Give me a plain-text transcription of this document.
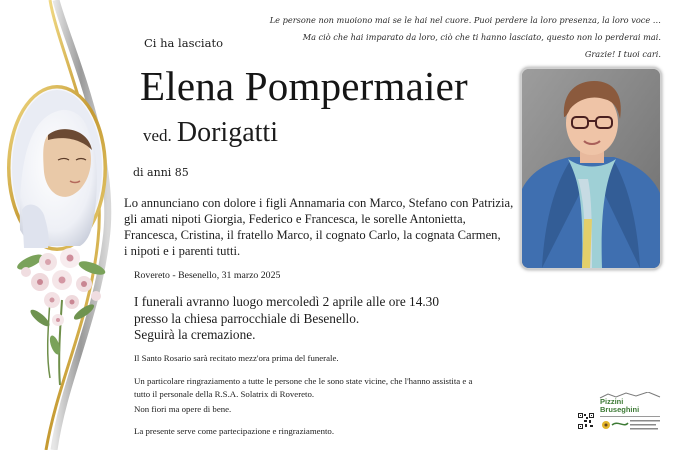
Le persone non muoiono mai se le hai nel cuore. Puoi perdere la loro presenza, la loro voce …
Ma ciò che hai imparato da loro, ciò che ti hanno lasciato, questo non lo perderai mai.
Grazie! I tuoi cari.
Ci ha lasciato
Elena Pompermaier
ved. Dorigatti
di anni 85
Lo annunciano con dolore i figli Annamaria con Marco, Stefano con Patrizia,
gli amati nipoti Giorgia, Federico e Francesca, le sorelle Antonietta,
Francesca, Cristina, il fratello Marco, il cognato Carlo, la cognata Carmen,
i nipoti e i parenti tutti.
Rovereto - Besenello, 31 marzo 2025
I funerali avranno luogo mercoledì 2 aprile alle ore 14.30
presso la chiesa parrocchiale di Besenello.
Seguirà la cremazione.
Il Santo Rosario sarà recitato mezz'ora prima del funerale.
Un particolare ringraziamento a tutte le persone che le sono state vicine, che l'hanno assistita e a
tutto il personale della R.S.A. Solatrix di Rovereto.
Non fiori ma opere di bene.
La presente serve come partecipazione e ringraziamento.
Pizzini
Bruseghini
